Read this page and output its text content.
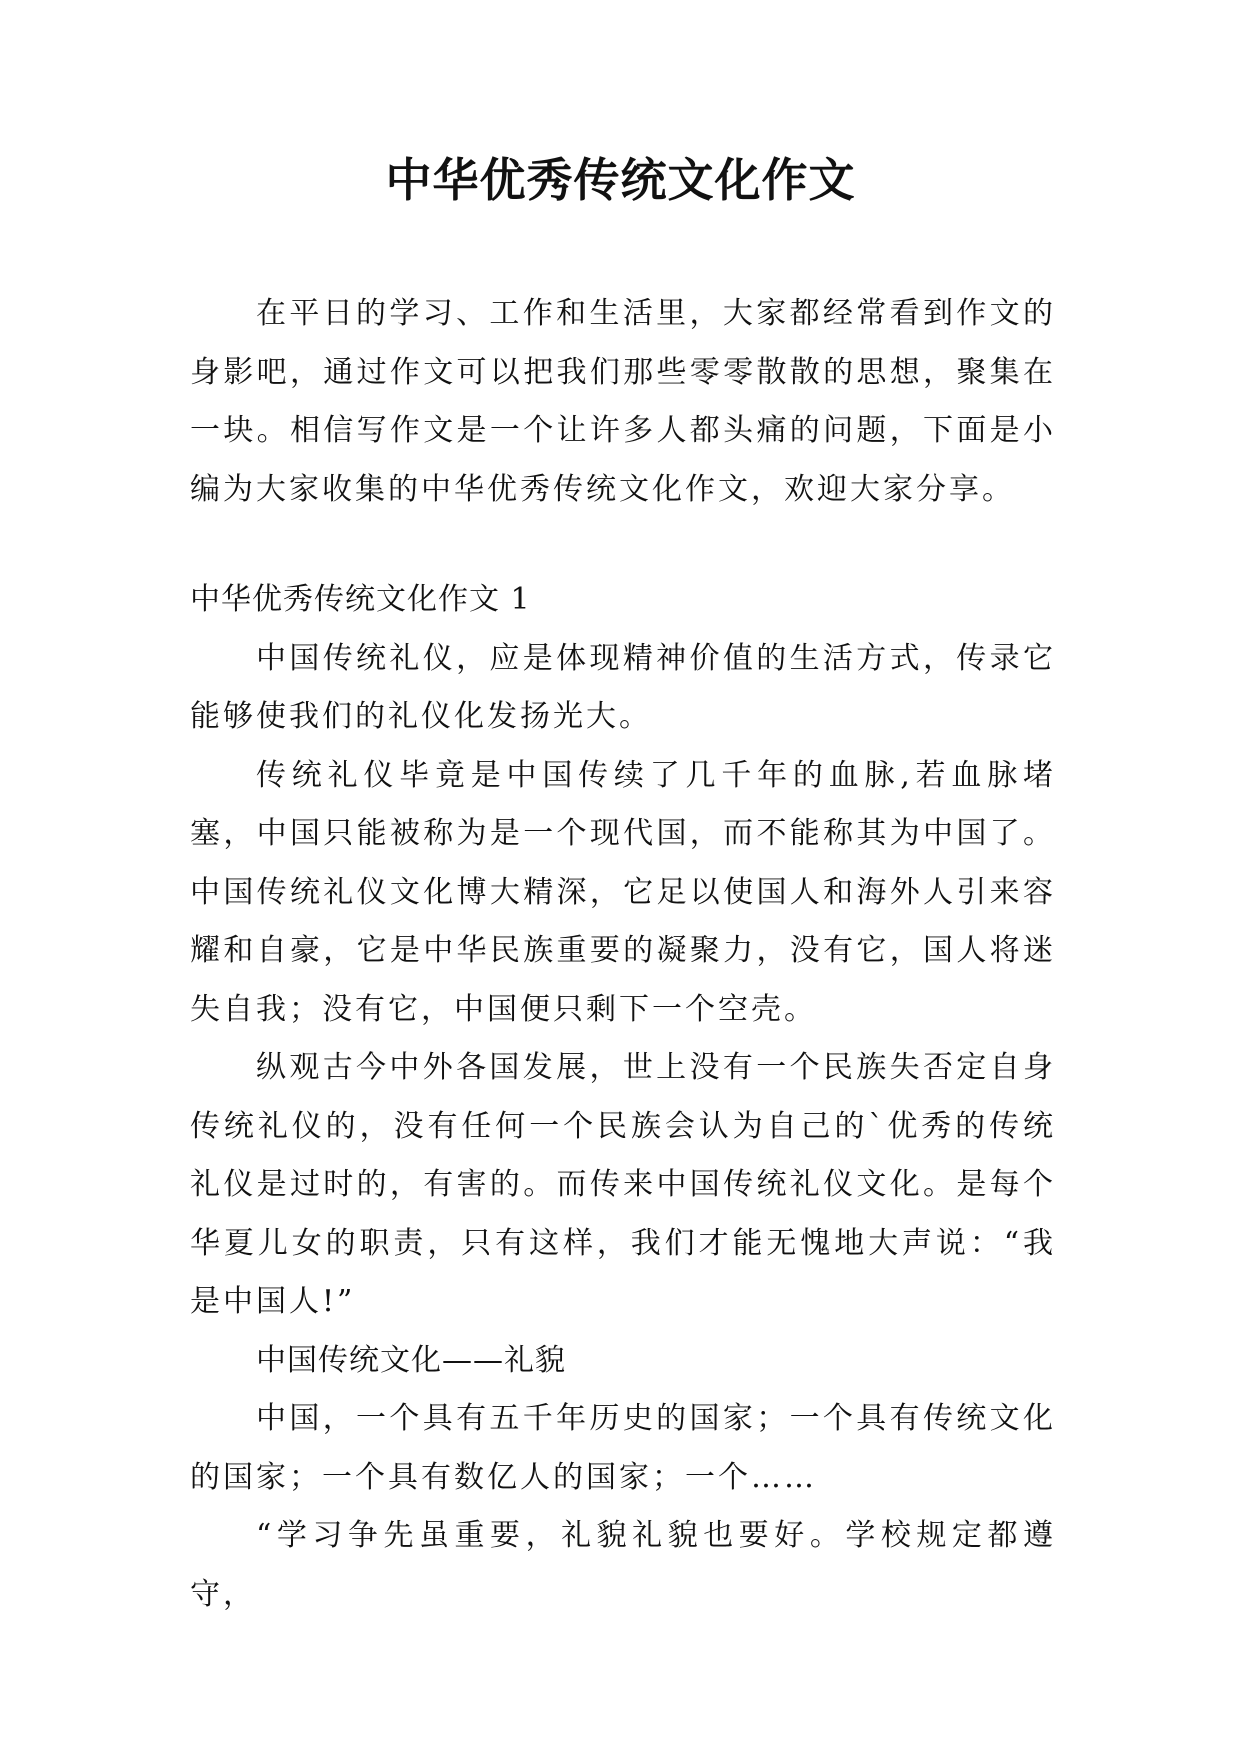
中华优秀传统文化作文

在平日的学习、工作和生活里，大家都经常看到作文的身影吧，通过作文可以把我们那些零零散散的思想，聚集在一块。相信写作文是一个让许多人都头痛的问题，下面是小编为大家收集的中华优秀传统文化作文，欢迎大家分享。

中华优秀传统文化作文 1

中国传统礼仪，应是体现精神价值的生活方式，传录它能够使我们的礼仪化发扬光大。

传统礼仪毕竟是中国传续了几千年的血脉,若血脉堵塞，中国只能被称为是一个现代国，而不能称其为中国了。中国传统礼仪文化博大精深，它足以使国人和海外人引来容耀和自豪，它是中华民族重要的凝聚力，没有它，国人将迷失自我；没有它，中国便只剩下一个空壳。

纵观古今中外各国发展，世上没有一个民族失否定自身传统礼仪的，没有任何一个民族会认为自己的`优秀的传统礼仪是过时的，有害的。而传来中国传统礼仪文化。是每个华夏儿女的职责，只有这样，我们才能无愧地大声说：“我是中国人!”

中国传统文化——礼貌

中国，一个具有五千年历史的国家；一个具有传统文化的国家；一个具有数亿人的国家；一个……

“学习争先虽重要，礼貌礼貌也要好。学校规定都遵守，
